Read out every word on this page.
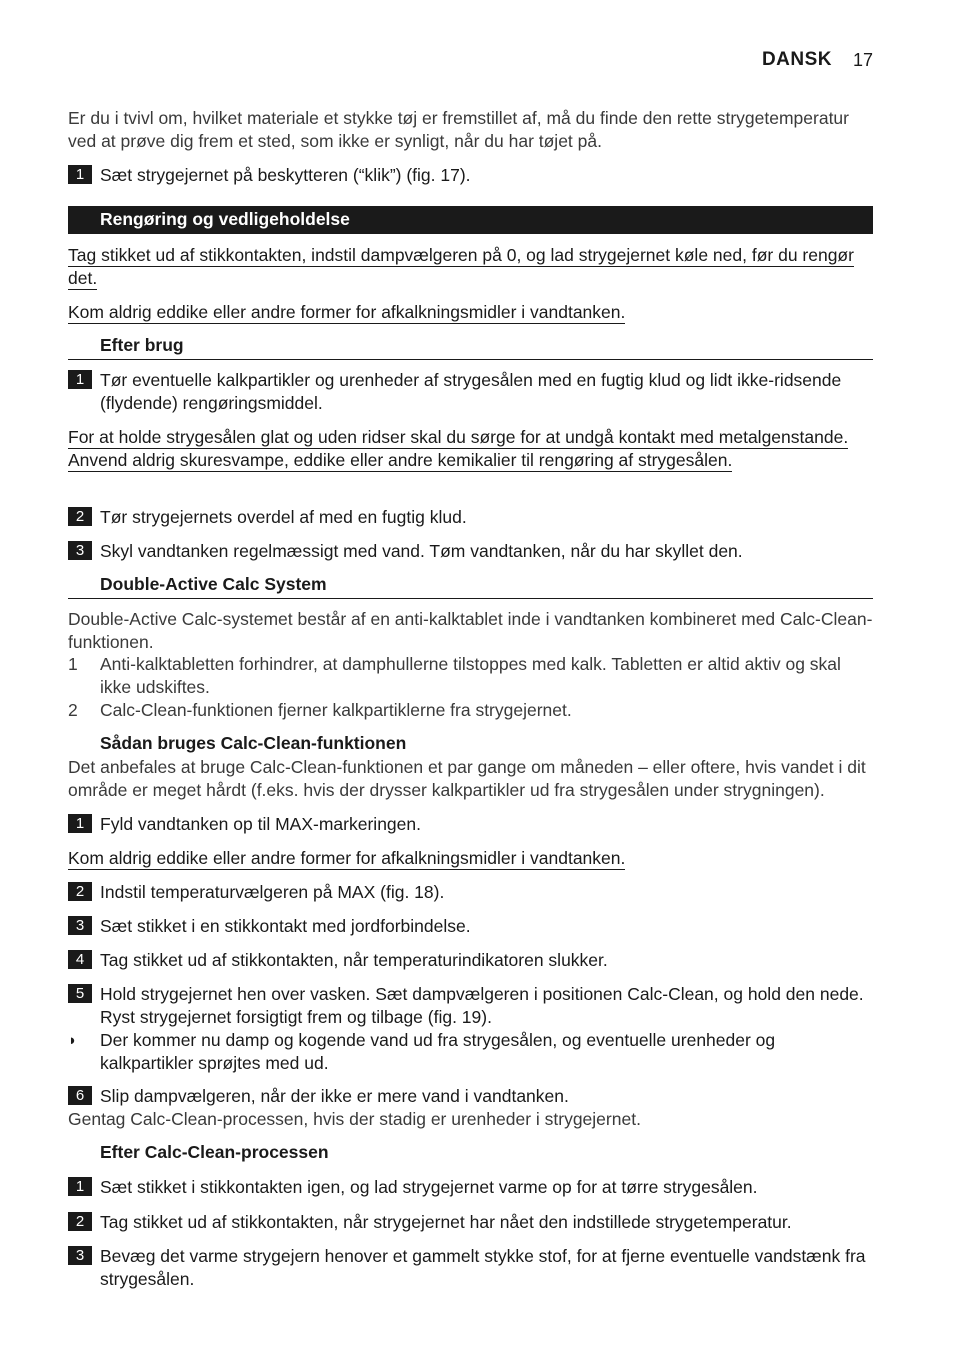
DANSK 17
Er du i tvivl om, hvilket materiale et stykke tøj er fremstillet af, må du finde den rette strygetemperatur ved at prøve dig frem et sted, som ikke er synligt, når du har tøjet på.
1 Sæt strygejernet på beskytteren (“klik”) (fig. 17).
Rengøring og vedligeholdelse
Tag stikket ud af stikkontakten, indstil dampvælgeren på 0, og lad strygejernet køle ned, før du rengør det.
Kom aldrig eddike eller andre former for afkalkningsmidler i vandtanken.
Efter brug
1 Tør eventuelle kalkpartikler og urenheder af strygesålen med en fugtig klud og lidt ikke-ridsende (flydende) rengøringsmiddel.
For at holde strygesålen glat og uden ridser skal du sørge for at undgå kontakt med metalgenstande. Anvend aldrig skuresvampe, eddike eller andre kemikalier til rengøring af strygesålen.
2 Tør strygejernets overdel af med en fugtig klud.
3 Skyl vandtanken regelmæssigt med vand. Tøm vandtanken, når du har skyllet den.
Double-Active Calc System
Double-Active Calc-systemet består af en anti-kalktablet inde i vandtanken kombineret med Calc-Clean-funktionen.
1 Anti-kalktabletten forhindrer, at damphullerne tilstoppes med kalk. Tabletten er altid aktiv og skal ikke udskiftes.
2 Calc-Clean-funktionen fjerner kalkpartiklerne fra strygejernet.
Sådan bruges Calc-Clean-funktionen
Det anbefales at bruge Calc-Clean-funktionen et par gange om måneden – eller oftere, hvis vandet i dit område er meget hårdt (f.eks. hvis der drysser kalkpartikler ud fra strygesålen under strygningen).
1 Fyld vandtanken op til MAX-markeringen.
Kom aldrig eddike eller andre former for afkalkningsmidler i vandtanken.
2 Indstil temperaturvælgeren på MAX (fig. 18).
3 Sæt stikket i en stikkontakt med jordforbindelse.
4 Tag stikket ud af stikkontakten, når temperaturindikatoren slukker.
5 Hold strygejernet hen over vasken. Sæt dampvælgeren i positionen Calc-Clean, og hold den nede. Ryst strygejernet forsigtigt frem og tilbage (fig. 19).
◗ Der kommer nu damp og kogende vand ud fra strygesålen, og eventuelle urenheder og kalkpartikler sprøjtes med ud.
6 Slip dampvælgeren, når der ikke er mere vand i vandtanken.
Gentag Calc-Clean-processen, hvis der stadig er urenheder i strygejernet.
Efter Calc-Clean-processen
1 Sæt stikket i stikkontakten igen, og lad strygejernet varme op for at tørre strygesålen.
2 Tag stikket ud af stikkontakten, når strygejernet har nået den indstillede strygetemperatur.
3 Bevæg det varme strygejern henover et gammelt stykke stof, for at fjerne eventuelle vandstænk fra strygesålen.
